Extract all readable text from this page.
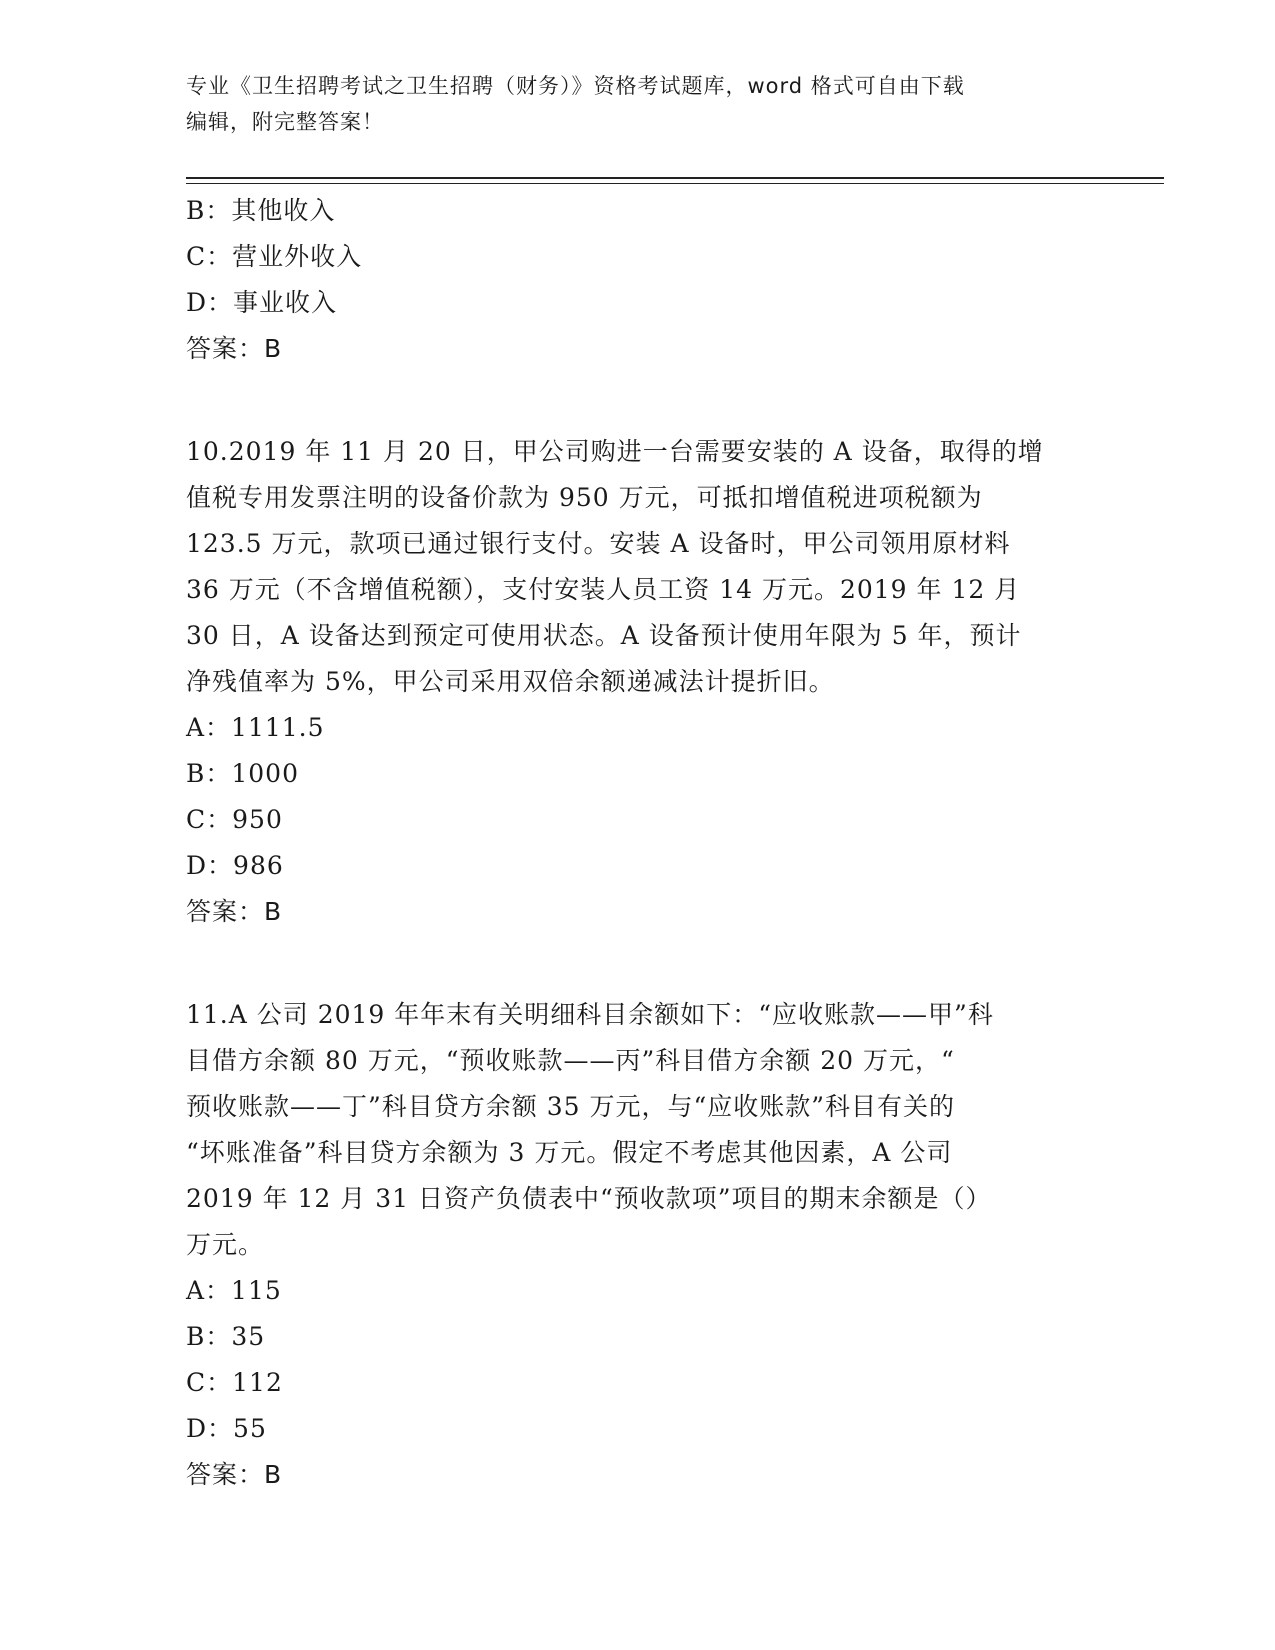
专业《卫生招聘考试之卫生招聘（财务）》资格考试题库，word 格式可自由下载
编辑，附完整答案！

B：其他收入

C：营业外收入

D：事业收入

答案：B

10.2019 年 11 月 20 日，甲公司购进一台需要安装的 A 设备，取得的增

值税专用发票注明的设备价款为 950 万元，可抵扣增值税进项税额为

123.5 万元，款项已通过银行支付。安装 A 设备时，甲公司领用原材料

36 万元（不含增值税额），支付安装人员工资 14 万元。2019 年 12 月

30 日，A 设备达到预定可使用状态。A 设备预计使用年限为 5 年，预计

净残值率为 5%，甲公司采用双倍余额递减法计提折旧。

A：1111.5

B：1000

C：950

D：986

答案：B

11.A 公司 2019 年年末有关明细科目余额如下：“应收账款——甲”科

目借方余额 80 万元，“预收账款——丙”科目借方余额 20 万元，“

预收账款——丁”科目贷方余额 35 万元，与“应收账款”科目有关的

“坏账准备”科目贷方余额为 3 万元。假定不考虑其他因素，A 公司

2019 年 12 月 31 日资产负债表中“预收款项”项目的期末余额是（）

万元。

A：115

B：35

C：112

D：55

答案：B
